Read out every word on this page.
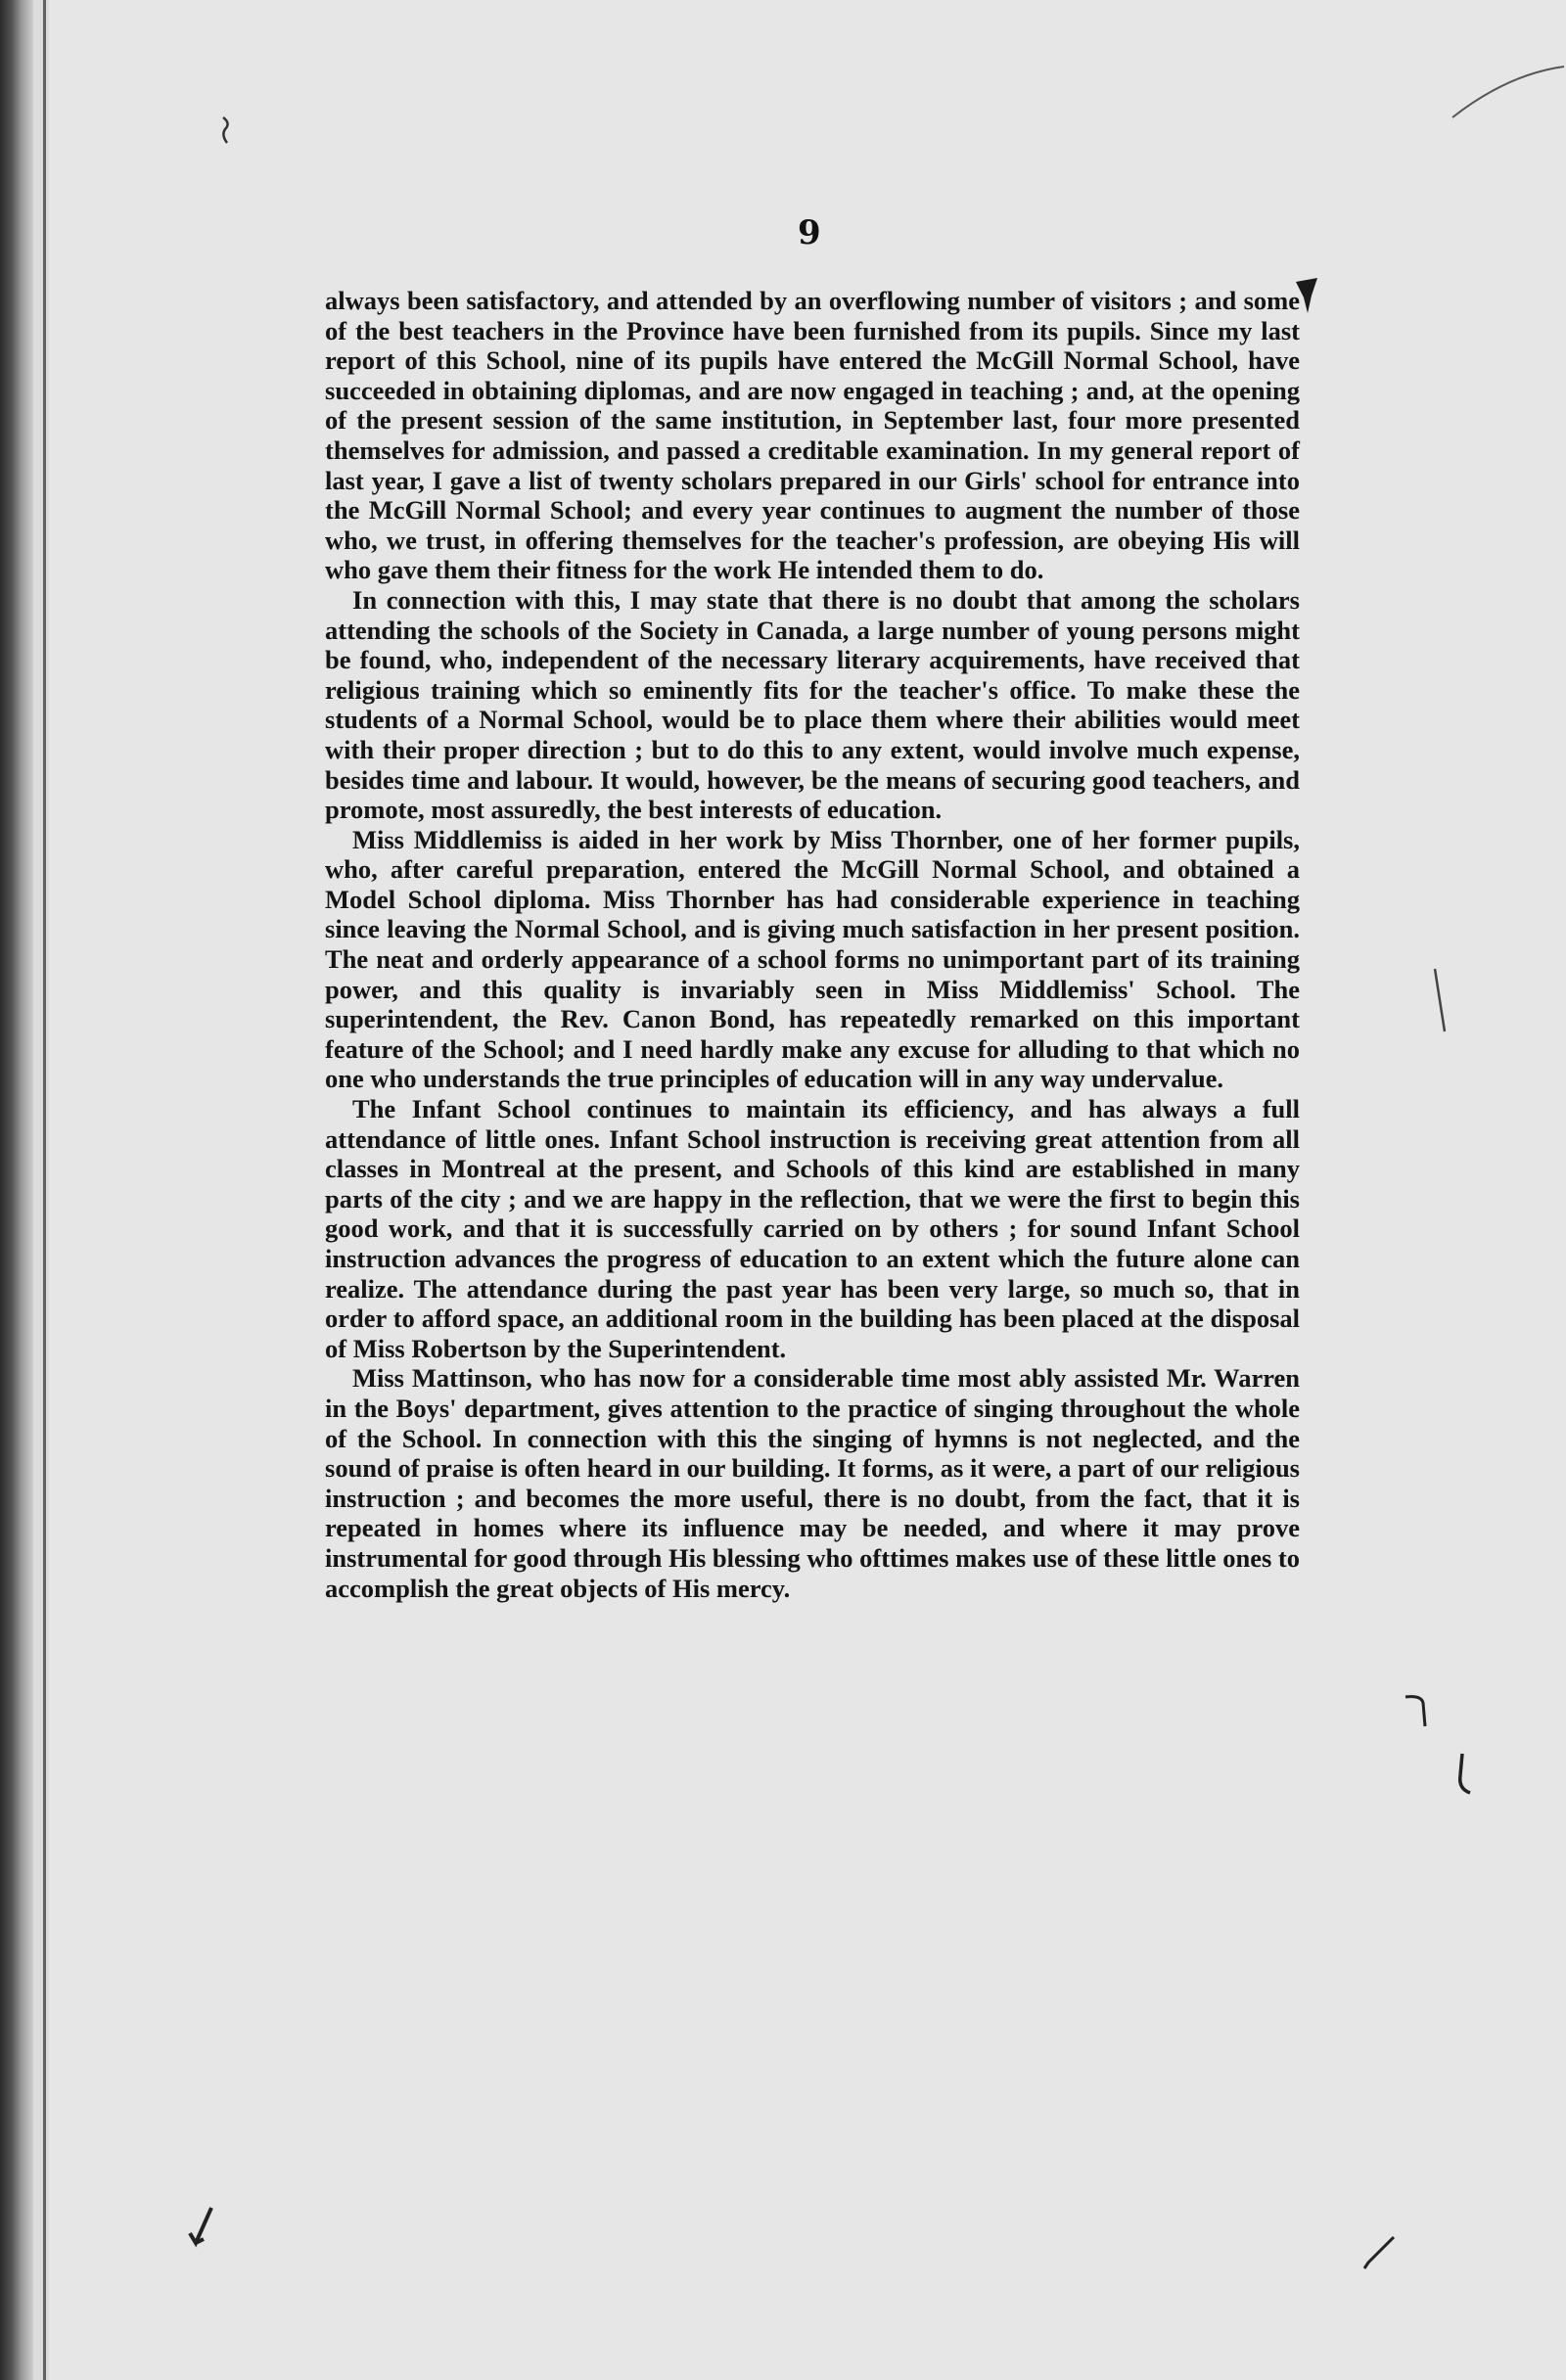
9

always been satisfactory, and attended by an overflowing number of visitors ; and some of the best teachers in the Province have been furnished from its pupils. Since my last report of this School, nine of its pupils have entered the McGill Normal School, have succeeded in obtaining diplomas, and are now engaged in teaching ; and, at the opening of the present session of the same institution, in September last, four more presented themselves for admission, and passed a creditable examination. In my general report of last year, I gave a list of twenty scholars prepared in our Girls' school for entrance into the McGill Normal School; and every year continues to augment the number of those who, we trust, in offering themselves for the teacher's profession, are obeying His will who gave them their fitness for the work He intended them to do.

In connection with this, I may state that there is no doubt that among the scholars attending the schools of the Society in Canada, a large number of young persons might be found, who, independent of the necessary literary acquirements, have received that religious training which so eminently fits for the teacher's office. To make these the students of a Normal School, would be to place them where their abilities would meet with their proper direction ; but to do this to any extent, would involve much expense, besides time and labour. It would, however, be the means of securing good teachers, and promote, most assuredly, the best interests of education.

Miss Middlemiss is aided in her work by Miss Thornber, one of her former pupils, who, after careful preparation, entered the McGill Normal School, and obtained a Model School diploma. Miss Thornber has had considerable experience in teaching since leaving the Normal School, and is giving much satisfaction in her present position. The neat and orderly appearance of a school forms no unimportant part of its training power, and this quality is invariably seen in Miss Middlemiss' School. The superintendent, the Rev. Canon Bond, has repeatedly remarked on this important feature of the School; and I need hardly make any excuse for alluding to that which no one who understands the true principles of education will in any way undervalue.

The Infant School continues to maintain its efficiency, and has always a full attendance of little ones. Infant School instruction is receiving great attention from all classes in Montreal at the present, and Schools of this kind are established in many parts of the city ; and we are happy in the reflection, that we were the first to begin this good work, and that it is successfully carried on by others ; for sound Infant School instruction advances the progress of education to an extent which the future alone can realize. The attendance during the past year has been very large, so much so, that in order to afford space, an additional room in the building has been placed at the disposal of Miss Robertson by the Superintendent.

Miss Mattinson, who has now for a considerable time most ably assisted Mr. Warren in the Boys' department, gives attention to the practice of singing throughout the whole of the School. In connection with this the singing of hymns is not neglected, and the sound of praise is often heard in our building. It forms, as it were, a part of our religious instruction ; and becomes the more useful, there is no doubt, from the fact, that it is repeated in homes where its influence may be needed, and where it may prove instrumental for good through His blessing who ofttimes makes use of these little ones to accomplish the great objects of His mercy.
